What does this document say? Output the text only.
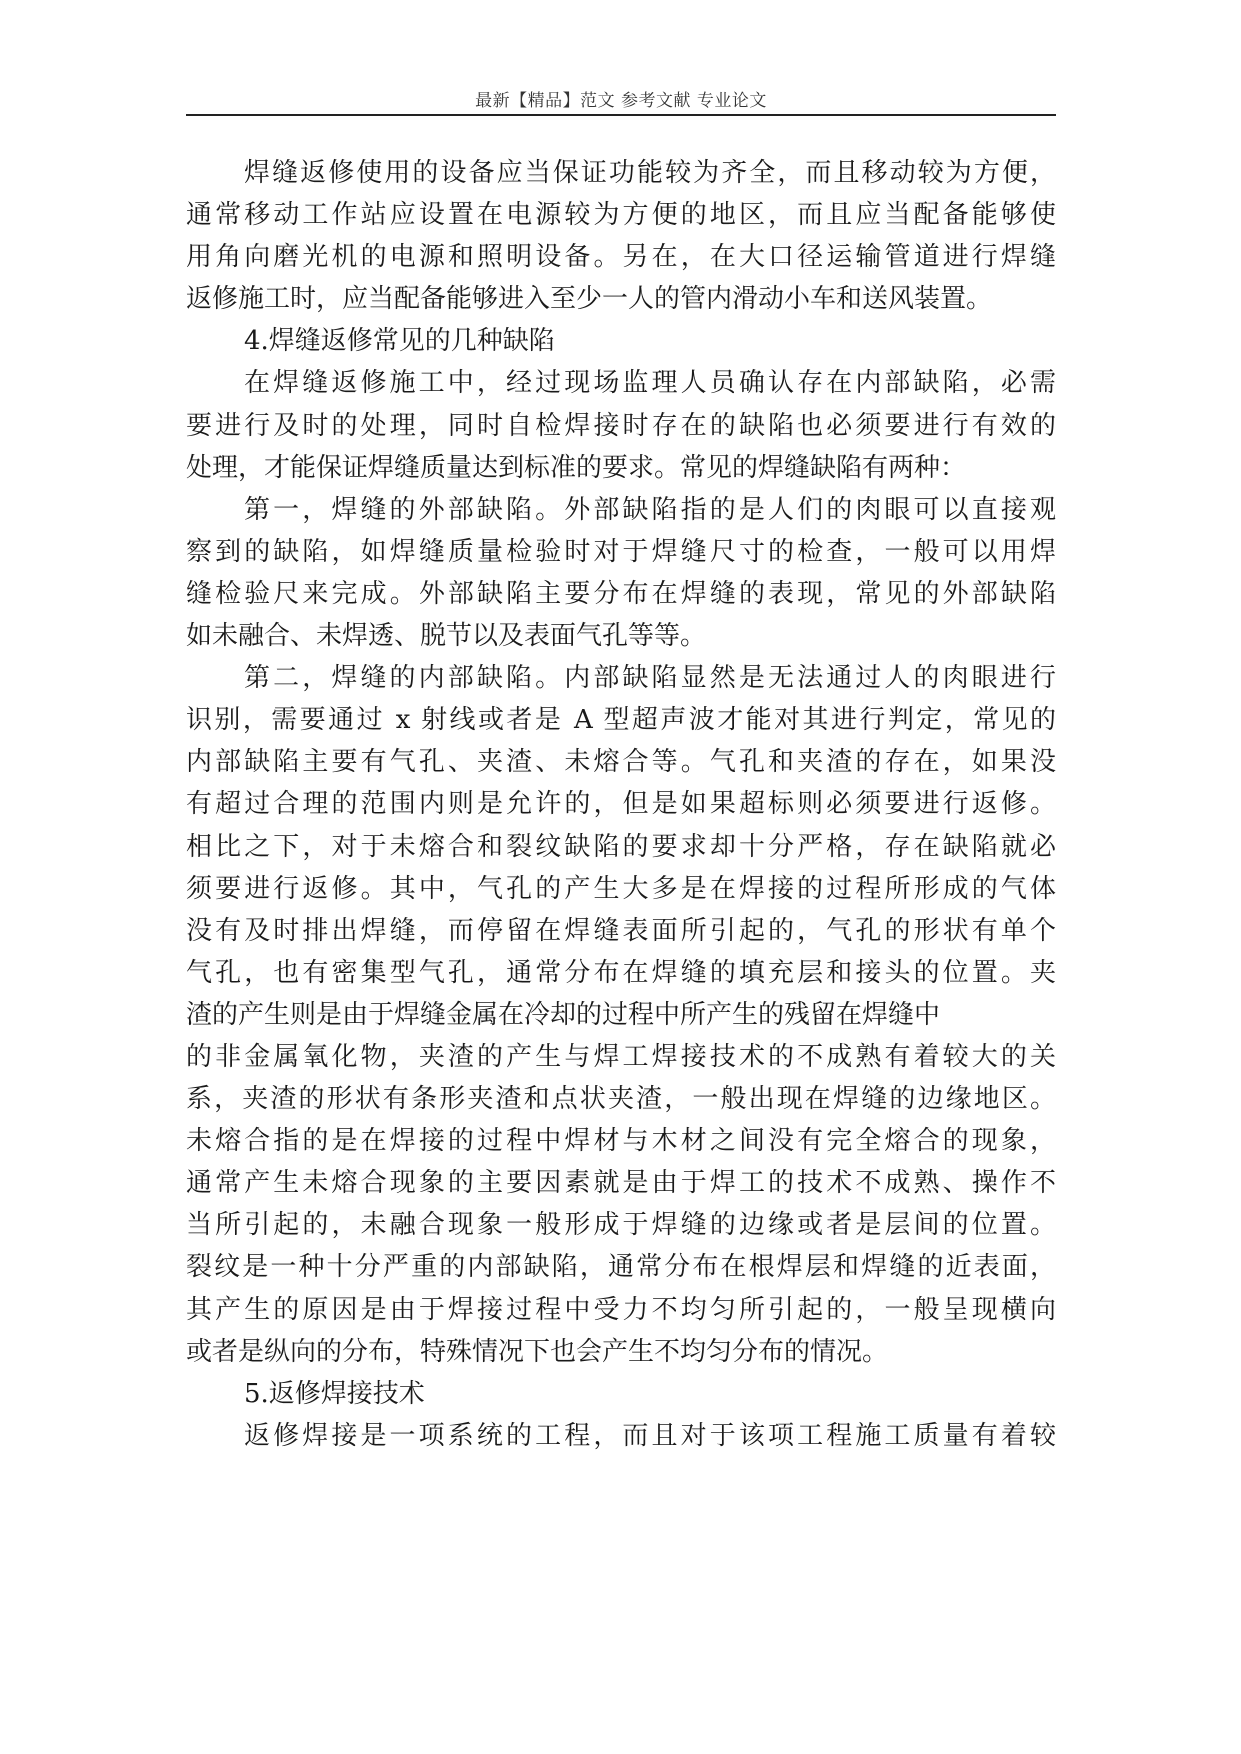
最新【精品】范文 参考文献 专业论文
焊缝返修使用的设备应当保证功能较为齐全，而且移动较为方便，
通常移动工作站应设置在电源较为方便的地区，而且应当配备能够使
用角向磨光机的电源和照明设备。另在，在大口径运输管道进行焊缝
返修施工时，应当配备能够进入至少一人的管内滑动小车和送风装置。
4.焊缝返修常见的几种缺陷
在焊缝返修施工中，经过现场监理人员确认存在内部缺陷，必需
要进行及时的处理，同时自检焊接时存在的缺陷也必须要进行有效的
处理，才能保证焊缝质量达到标准的要求。常见的焊缝缺陷有两种：
第一，焊缝的外部缺陷。外部缺陷指的是人们的肉眼可以直接观
察到的缺陷，如焊缝质量检验时对于焊缝尺寸的检查，一般可以用焊
缝检验尺来完成。外部缺陷主要分布在焊缝的表现，常见的外部缺陷
如未融合、未焊透、脱节以及表面气孔等等。
第二，焊缝的内部缺陷。内部缺陷显然是无法通过人的肉眼进行
识别，需要通过 x 射线或者是 A 型超声波才能对其进行判定，常见的
内部缺陷主要有气孔、夹渣、未熔合等。气孔和夹渣的存在，如果没
有超过合理的范围内则是允许的，但是如果超标则必须要进行返修。
相比之下，对于未熔合和裂纹缺陷的要求却十分严格，存在缺陷就必
须要进行返修。其中，气孔的产生大多是在焊接的过程所形成的气体
没有及时排出焊缝，而停留在焊缝表面所引起的，气孔的形状有单个
气孔，也有密集型气孔，通常分布在焊缝的填充层和接头的位置。夹
渣的产生则是由于焊缝金属在冷却的过程中所产生的残留在焊缝中
的非金属氧化物，夹渣的产生与焊工焊接技术的不成熟有着较大的关
系，夹渣的形状有条形夹渣和点状夹渣，一般出现在焊缝的边缘地区。
未熔合指的是在焊接的过程中焊材与木材之间没有完全熔合的现象，
通常产生未熔合现象的主要因素就是由于焊工的技术不成熟、操作不
当所引起的，未融合现象一般形成于焊缝的边缘或者是层间的位置。
裂纹是一种十分严重的内部缺陷，通常分布在根焊层和焊缝的近表面，
其产生的原因是由于焊接过程中受力不均匀所引起的，一般呈现横向
或者是纵向的分布，特殊情况下也会产生不均匀分布的情况。
5.返修焊接技术
返修焊接是一项系统的工程，而且对于该项工程施工质量有着较
